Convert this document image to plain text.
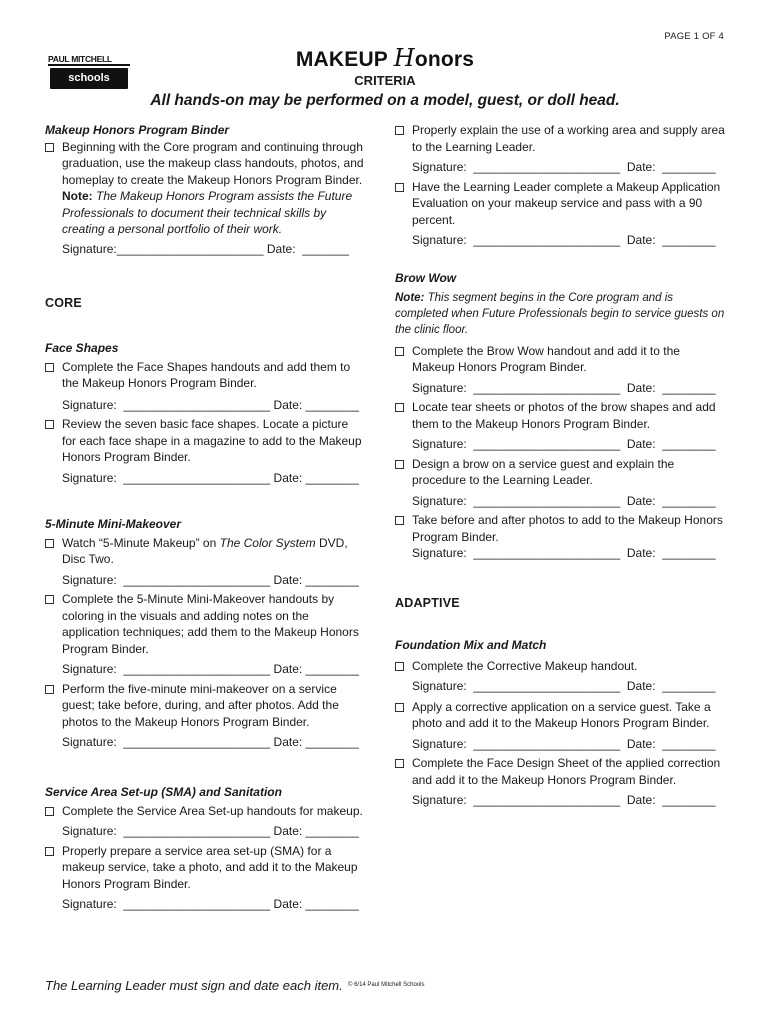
PAGE 1 OF 4
PAUL MITCHELL
schools
MAKEUP Honors
CRITERIA
All hands-on may be performed on a model, guest, or doll head.
Makeup Honors Program Binder
Beginning with the Core program and continuing through graduation, use the makeup class handouts, photos, and homeplay to create the Makeup Honors Program Binder. Note: The Makeup Honors Program assists the Future Professionals to document their technical skills by creating a personal portfolio of their work.
Signature:______________________ Date:  _______
CORE
Face Shapes
Complete the Face Shapes handouts and add them to the Makeup Honors Program Binder.
Signature:  ______________________ Date: ________
Review the seven basic face shapes. Locate a picture for each face shape in a magazine to add to the Makeup Honors Program Binder.
Signature:  ______________________ Date: ________
5-Minute Mini-Makeover
Watch “5-Minute Makeup” on The Color System DVD, Disc Two.
Signature:  ______________________ Date: ________
Complete the 5-Minute Mini-Makeover handouts by coloring in the visuals and adding notes on the application techniques; add them to the Makeup Honors Program Binder.
Signature:  ______________________ Date: ________
Perform the five-minute mini-makeover on a service guest; take before, during, and after photos. Add the photos to the Makeup Honors Program Binder.
Signature:  ______________________ Date: ________
Service Area Set-up (SMA) and Sanitation
Complete the Service Area Set-up handouts for makeup.
Signature:  ______________________ Date: ________
Properly prepare a service area set-up (SMA) for a makeup service, take a photo, and add it to the Makeup Honors Program Binder.
Signature:  ______________________ Date: ________
Properly explain the use of a working area and supply area to the Learning Leader.
Signature:  ______________________  Date:  ________
Have the Learning Leader complete a Makeup Application Evaluation on your makeup service and pass with a 90 percent.
Signature:  ______________________  Date:  ________
Brow Wow
Note: This segment begins in the Core program and is completed when Future Professionals begin to service guests on the clinic floor.
Complete the Brow Wow handout and add it to the Makeup Honors Program Binder.
Signature:  ______________________  Date:  ________
Locate tear sheets or photos of the brow shapes and add them to the Makeup Honors Program Binder.
Signature:  ______________________  Date:  ________
Design a brow on a service guest and explain the procedure to the Learning Leader.
Signature:  ______________________  Date:  ________
Take before and after photos to add to the Makeup Honors Program Binder.
Signature:  ______________________  Date:  ________
ADAPTIVE
Foundation Mix and Match
Complete the Corrective Makeup handout.
Signature:  ______________________  Date:  ________
Apply a corrective application on a service guest. Take a photo and add it to the Makeup Honors Program Binder.
Signature:  ______________________  Date:  ________
Complete the Face Design Sheet of the applied correction and add it to the Makeup Honors Program Binder.
Signature:  ______________________  Date:  ________
The Learning Leader must sign and date each item. © 6/14 Paul Mitchell Schools
